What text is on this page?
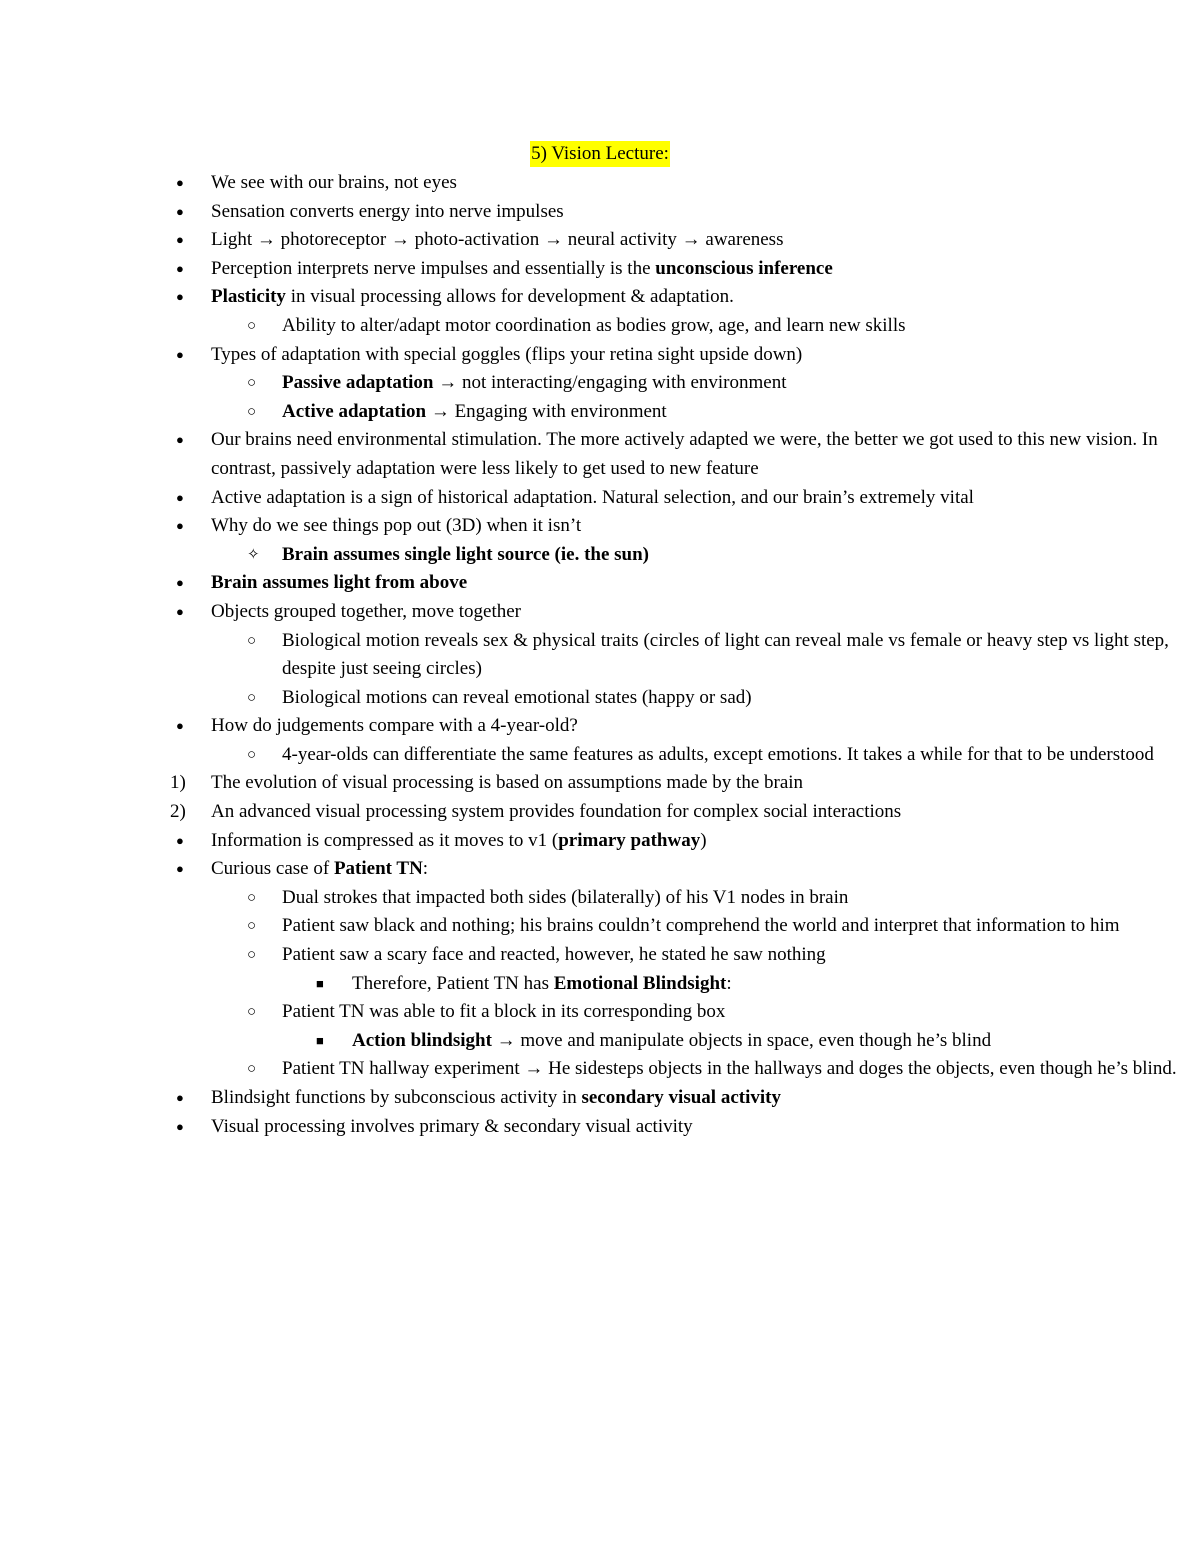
5) Vision Lecture:
● We see with our brains, not eyes
● Sensation converts energy into nerve impulses
● Light → photoreceptor → photo-activation → neural activity → awareness
● Perception interprets nerve impulses and essentially is the unconscious inference
● Plasticity in visual processing allows for development & adaptation.
○ Ability to alter/adapt motor coordination as bodies grow, age, and learn new skills
● Types of adaptation with special goggles (flips your retina sight upside down)
○ Passive adaptation → not interacting/engaging with environment
○ Active adaptation → Engaging with environment
● Our brains need environmental stimulation. The more actively adapted we were, the better we got used to this new vision. In contrast, passively adaptation were less likely to get used to new feature
● Active adaptation is a sign of historical adaptation. Natural selection, and our brain’s extremely vital
● Why do we see things pop out (3D) when it isn’t
✧ Brain assumes single light source (ie. the sun)
● Brain assumes light from above
● Objects grouped together, move together
○ Biological motion reveals sex & physical traits (circles of light can reveal male vs female or heavy step vs light step, despite just seeing circles)
○ Biological motions can reveal emotional states (happy or sad)
● How do judgements compare with a 4-year-old?
○ 4-year-olds can differentiate the same features as adults, except emotions. It takes a while for that to be understood
1) The evolution of visual processing is based on assumptions made by the brain
2) An advanced visual processing system provides foundation for complex social interactions
● Information is compressed as it moves to v1 (primary pathway)
● Curious case of Patient TN:
○ Dual strokes that impacted both sides (bilaterally) of his V1 nodes in brain
○ Patient saw black and nothing; his brains couldn’t comprehend the world and interpret that information to him
○ Patient saw a scary face and reacted, however, he stated he saw nothing
■ Therefore, Patient TN has Emotional Blindsight:
○ Patient TN was able to fit a block in its corresponding box
■ Action blindsight → move and manipulate objects in space, even though he’s blind
○ Patient TN hallway experiment → He sidesteps objects in the hallways and doges the objects, even though he’s blind.
● Blindsight functions by subconscious activity in secondary visual activity
● Visual processing involves primary & secondary visual activity
